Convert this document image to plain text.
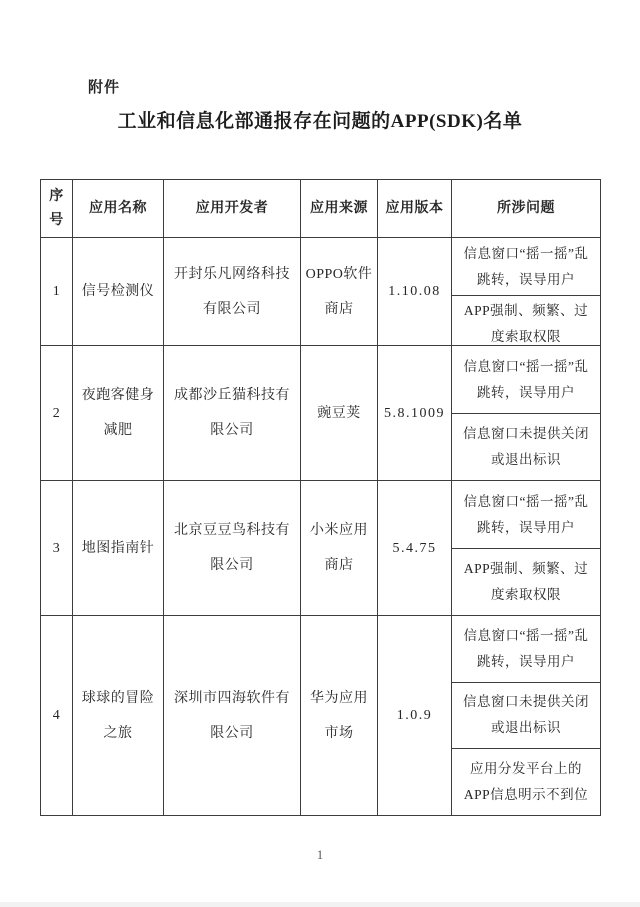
附件
工业和信息化部通报存在问题的APP(SDK)名单
序号	应用名称	应用开发者	应用来源	应用版本	所涉问题
1	信号检测仪	开封乐凡网络科技有限公司	OPPO软件商店	1.10.08	信息窗口“摇一摇”乱跳转，误导用户
APP强制、频繁、过度索取权限

2	夜跑客健身减肥	成都沙丘猫科技有限公司	豌豆荚	5.8.1009	信息窗口“摇一摇”乱跳转，误导用户
信息窗口未提供关闭或退出标识

3	地图指南针	北京豆豆鸟科技有限公司	小米应用商店	5.4.75	信息窗口“摇一摇”乱跳转，误导用户
APP强制、频繁、过度索取权限

4	球球的冒险之旅	深圳市四海软件有限公司	华为应用市场	1.0.9	信息窗口“摇一摇”乱跳转，误导用户
信息窗口未提供关闭或退出标识
应用分发平台上的APP信息明示不到位
1
